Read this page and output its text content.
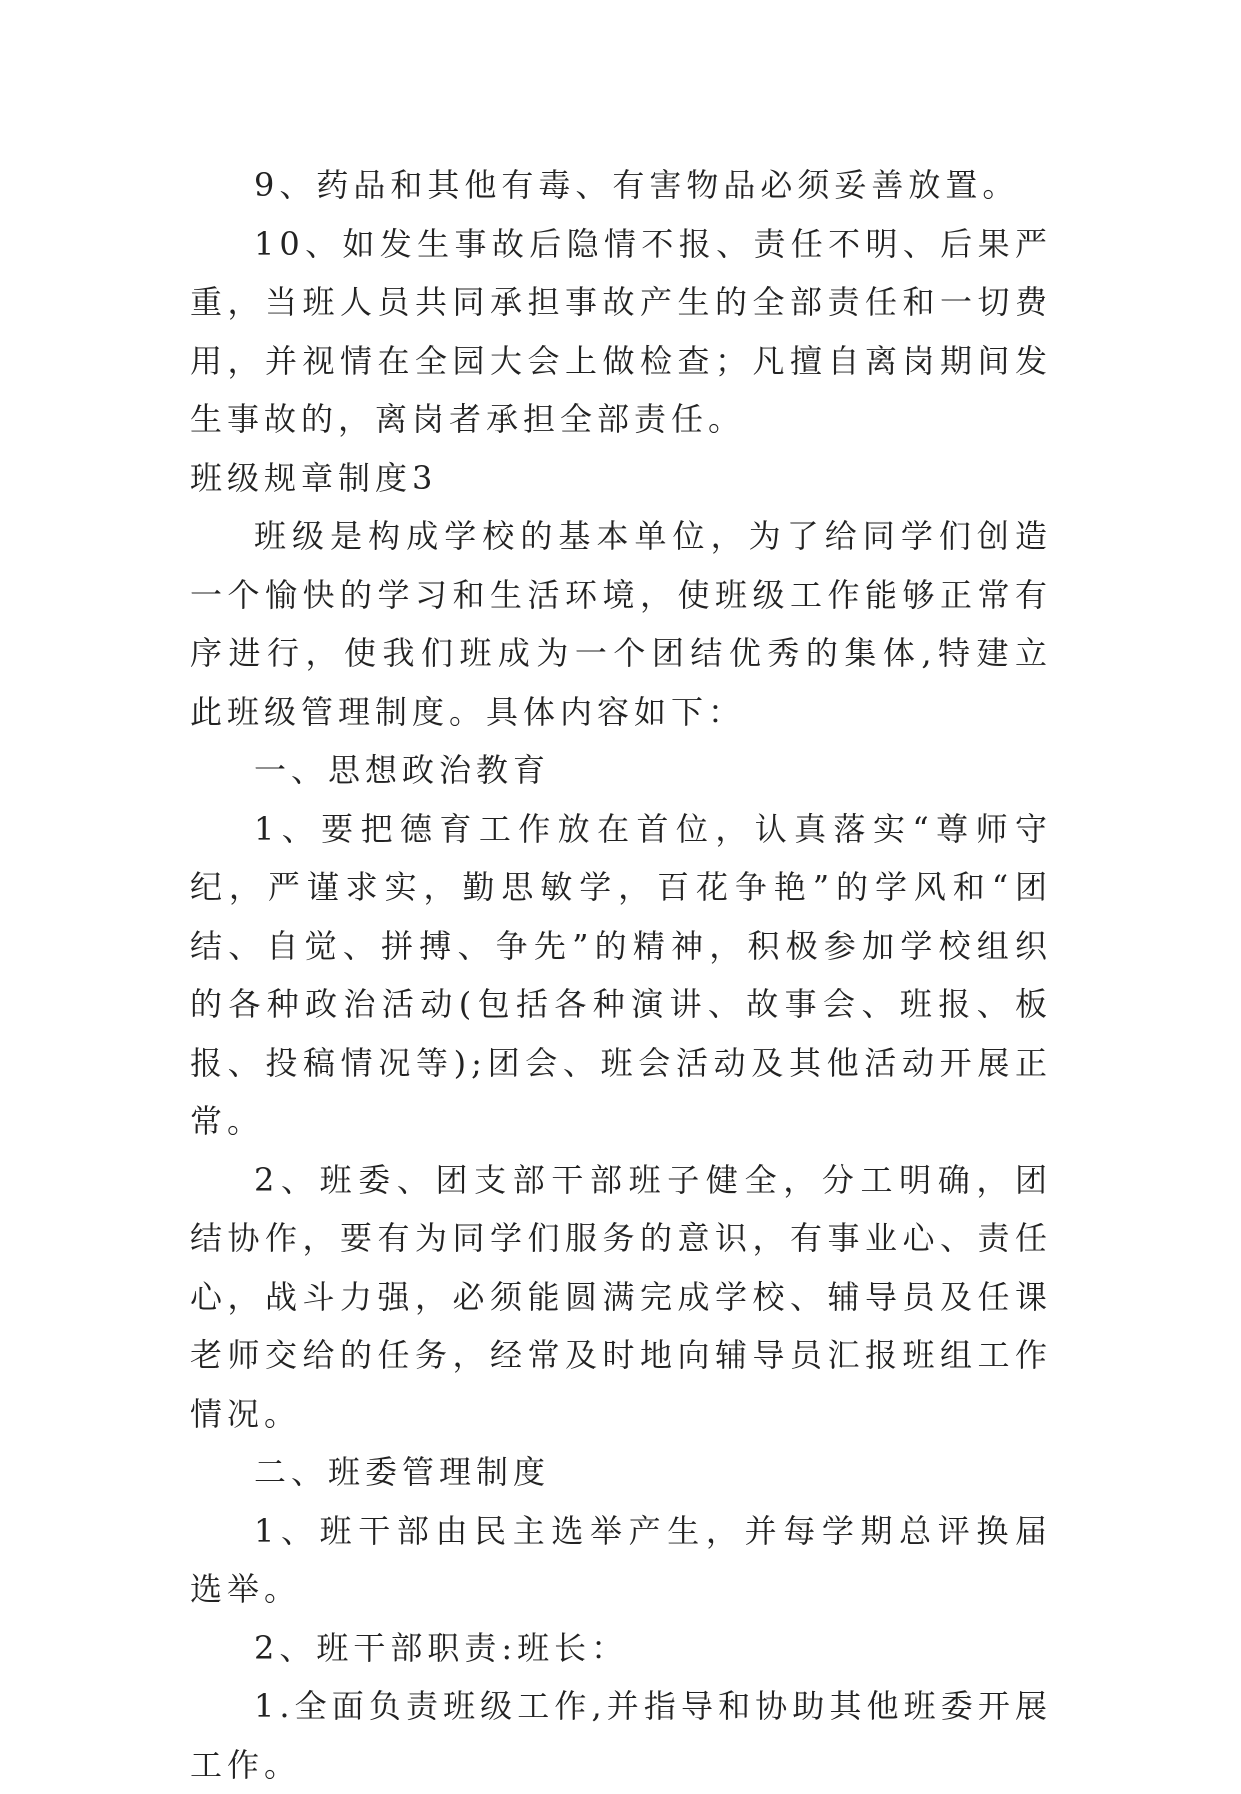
9、药品和其他有毒、有害物品必须妥善放置。

10、如发生事故后隐情不报、责任不明、后果严重，当班人员共同承担事故产生的全部责任和一切费用，并视情在全园大会上做检查；凡擅自离岗期间发生事故的，离岗者承担全部责任。

班级规章制度3

班级是构成学校的基本单位，为了给同学们创造一个愉快的学习和生活环境，使班级工作能够正常有序进行，使我们班成为一个团结优秀的集体,特建立此班级管理制度。具体内容如下：

一、思想政治教育

1、要把德育工作放在首位，认真落实“尊师守纪，严谨求实，勤思敏学，百花争艳”的学风和“团结、自觉、拼搏、争先”的精神，积极参加学校组织的各种政治活动(包括各种演讲、故事会、班报、板报、投稿情况等);团会、班会活动及其他活动开展正常。

2、班委、团支部干部班子健全，分工明确，团结协作，要有为同学们服务的意识，有事业心、责任心，战斗力强，必须能圆满完成学校、辅导员及任课老师交给的任务，经常及时地向辅导员汇报班组工作情况。

二、班委管理制度

1、班干部由民主选举产生，并每学期总评换届选举。

2、班干部职责:班长：

1.全面负责班级工作,并指导和协助其他班委开展工作。
